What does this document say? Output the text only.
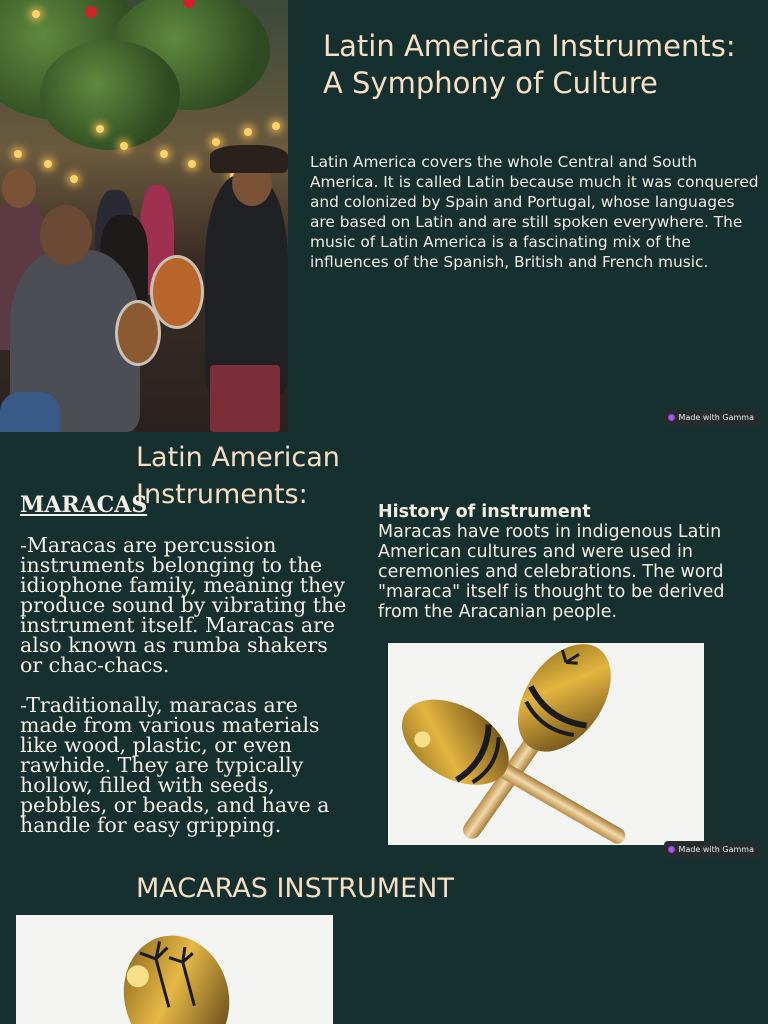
Latin American Instruments: A Symphony of Culture

Latin America covers the whole Central and South America. It is called Latin because much it was conquered and colonized by Spain and Portugal, whose languages are based on Latin and are still spoken everywhere. The music of Latin America is a fascinating mix of the influences of the Spanish, British and French music.

Made with Gamma
Latin American Instruments:
MARACAS

-Maracas are percussion instruments belonging to the idiophone family, meaning they produce sound by vibrating the instrument itself. Maracas are also known as rumba shakers or chac-chacs.

-Traditionally, maracas are made from various materials like wood, plastic, or even rawhide. They are typically hollow, filled with seeds, pebbles, or beads, and have a handle for easy gripping.

History of instrument
Maracas have roots in indigenous Latin American cultures and were used in ceremonies and celebrations. The word "maraca" itself is thought to be derived from the Aracanian people.
Made with Gamma
MACARAS INSTRUMENT
